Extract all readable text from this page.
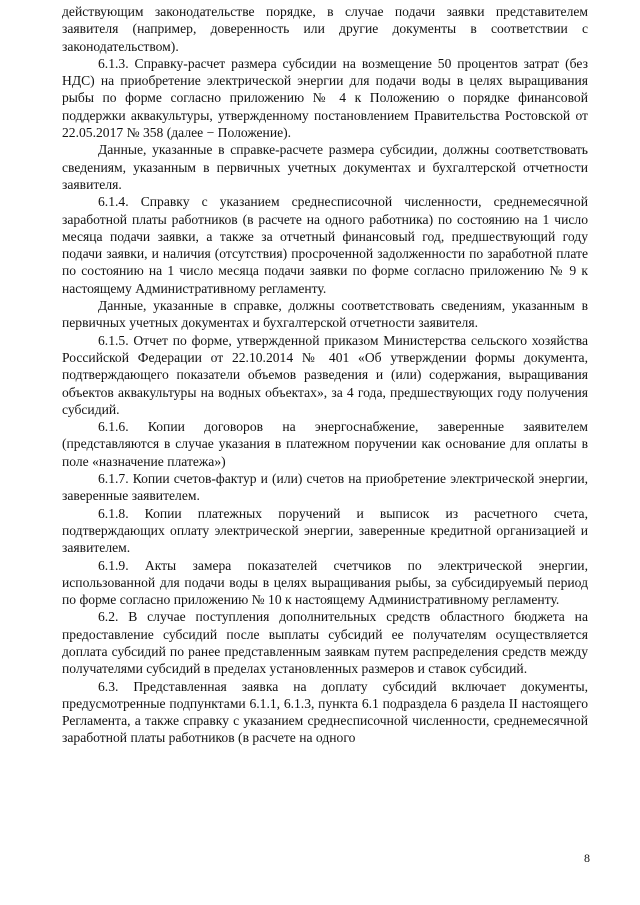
действующим законодательстве порядке, в случае подачи заявки представителем заявителя (например, доверенность или другие документы в соответствии с законодательством).

6.1.3. Справку-расчет размера субсидии на возмещение 50 процентов затрат (без НДС) на приобретение электрической энергии для подачи воды в целях выращивания рыбы по форме согласно приложению № 4 к Положению о порядке финансовой поддержки аквакультуры, утвержденному постановлением Правительства Ростовской от 22.05.2017 № 358 (далее − Положение).

Данные, указанные в справке-расчете размера субсидии, должны соответствовать сведениям, указанным в первичных учетных документах и бухгалтерской отчетности заявителя.

6.1.4. Справку с указанием среднесписочной численности, среднемесячной заработной платы работников (в расчете на одного работника) по состоянию на 1 число месяца подачи заявки, а также за отчетный финансовый год, предшествующий году подачи заявки, и наличия (отсутствия) просроченной задолженности по заработной плате по состоянию на 1 число месяца подачи заявки по форме согласно приложению № 9 к настоящему Административному регламенту.

Данные, указанные в справке, должны соответствовать сведениям, указанным в первичных учетных документах и бухгалтерской отчетности заявителя.

6.1.5. Отчет по форме, утвержденной приказом Министерства сельского хозяйства Российской Федерации от 22.10.2014 № 401 «Об утверждении формы документа, подтверждающего показатели объемов разведения и (или) содержания, выращивания объектов аквакультуры на водных объектах», за 4 года, предшествующих году получения субсидий.

6.1.6. Копии договоров на энергоснабжение, заверенные заявителем (представляются в случае указания в платежном поручении как основание для оплаты в поле «назначение платежа»)

6.1.7. Копии счетов-фактур и (или) счетов на приобретение электрической энергии, заверенные заявителем.

6.1.8. Копии платежных поручений и выписок из расчетного счета, подтверждающих оплату электрической энергии, заверенные кредитной организацией и заявителем.

6.1.9. Акты замера показателей счетчиков по электрической энергии, использованной для подачи воды в целях выращивания рыбы, за субсидируемый период по форме согласно приложению № 10 к настоящему Административному регламенту.

6.2. В случае поступления дополнительных средств областного бюджета на предоставление субсидий после выплаты субсидий ее получателям осуществляется доплата субсидий по ранее представленным заявкам путем распределения средств между получателями субсидий в пределах установленных размеров и ставок субсидий.

6.3. Представленная заявка на доплату субсидий включает документы, предусмотренные подпунктами 6.1.1, 6.1.3, пункта 6.1 подраздела 6 раздела II настоящего Регламента, а также справку с указанием среднесписочной численности, среднемесячной заработной платы работников (в расчете на одного

8
